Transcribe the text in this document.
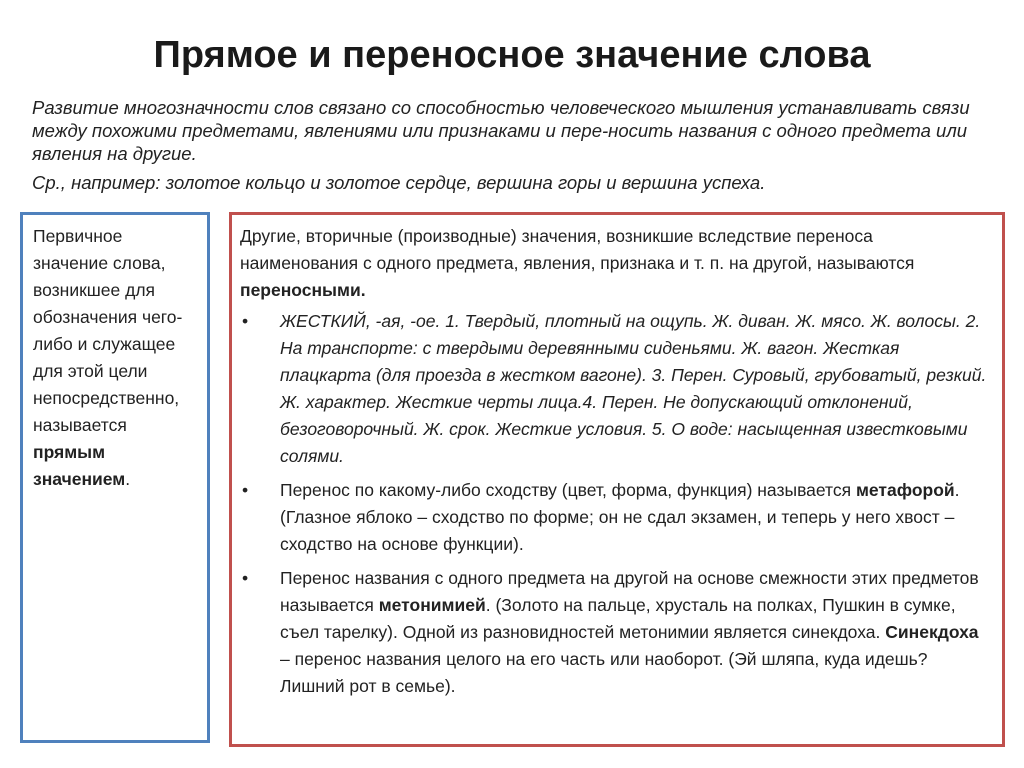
Прямое и переносное значение слова

Развитие многозначности слов связано со способностью человеческого мышления устанавливать связи между похожими предметами, явлениями или признаками и пере-носить названия с одного предмета или явления на другие.

Ср., например: золотое кольцо и золотое сердце, вершина горы и вершина успеха.

Первичное значение слова, возникшее для обозначения чего-либо и служащее для этой цели непосредственно, называется прямым значением.

Другие, вторичные (производные) значения, возникшие вследствие переноса наименования с одного предмета, явления, признака и т. п. на другой, называются переносными.

• ЖЕСТКИЙ, -ая, -ое. 1. Твердый, плотный на ощупь. Ж. диван. Ж. мясо. Ж. волосы. 2. На транспорте: с твердыми деревянными сиденьями. Ж. вагон. Жесткая плацкарта (для проезда в жестком вагоне). 3. Перен. Суровый, грубоватый, резкий. Ж. характер. Жесткие черты лица.4. Перен. Не допускающий отклонений, безоговорочный. Ж. срок. Жесткие условия. 5. О воде: насыщенная известковыми солями.
• Перенос по какому-либо сходству (цвет, форма, функция) называется метафорой. (Глазное яблоко – сходство по форме; он не сдал экзамен, и теперь у него хвост – сходство на основе функции).
• Перенос названия с одного предмета на другой на основе смежности этих предметов называется метонимией. (Золото на пальце, хрусталь на полках, Пушкин в сумке, съел тарелку). Одной из разновидностей метонимии является синекдоха. Синекдоха – перенос названия целого на его часть или наоборот. (Эй шляпа, куда идешь? Лишний рот в семье).
